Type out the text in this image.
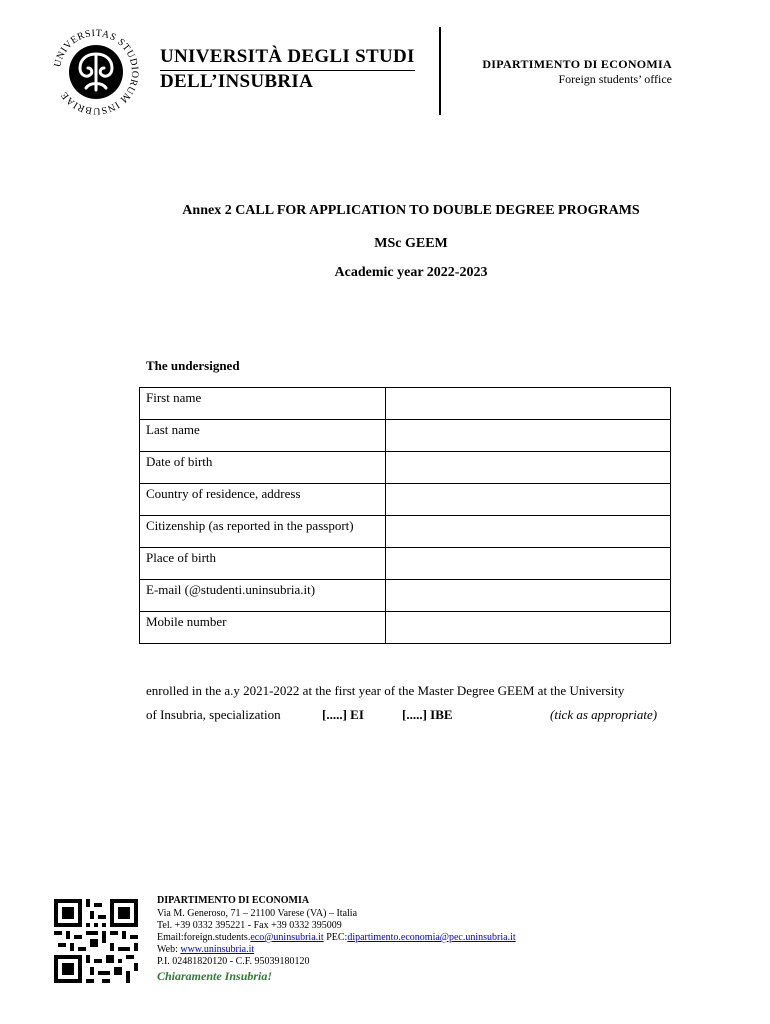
UNIVERSITAS STUDIORUM INSUBRIAE
UNIVERSITÀ DEGLI STUDI
DELL’INSUBRIA
DIPARTIMENTO DI ECONOMIA
Foreign students’ office
Annex 2 CALL FOR APPLICATION TO DOUBLE DEGREE PROGRAMS
MSc GEEM
Academic year 2022-2023
The undersigned
First name	
Last name	
Date of birth	
Country of residence, address	
Citizenship (as reported in the passport)	
Place of birth	
E-mail (@studenti.uninsubria.it)	
Mobile number	
enrolled in the a.y 2021-2022 at the first year of the Master Degree GEEM at the University
of Insubria, specialization	[.....] EI	[.....] IBE	(tick as appropriate)
DIPARTIMENTO DI ECONOMIA
Via M. Generoso, 71 – 21100 Varese (VA) – Italia
Tel. +39 0332 395221 - Fax +39 0332 395009
Email:foreign.students.eco@uninsubria.it PEC:dipartimento.economia@pec.uninsubria.it
Web: www.uninsubria.it
P.I. 02481820120 - C.F. 95039180120
Chiaramente Insubria!
